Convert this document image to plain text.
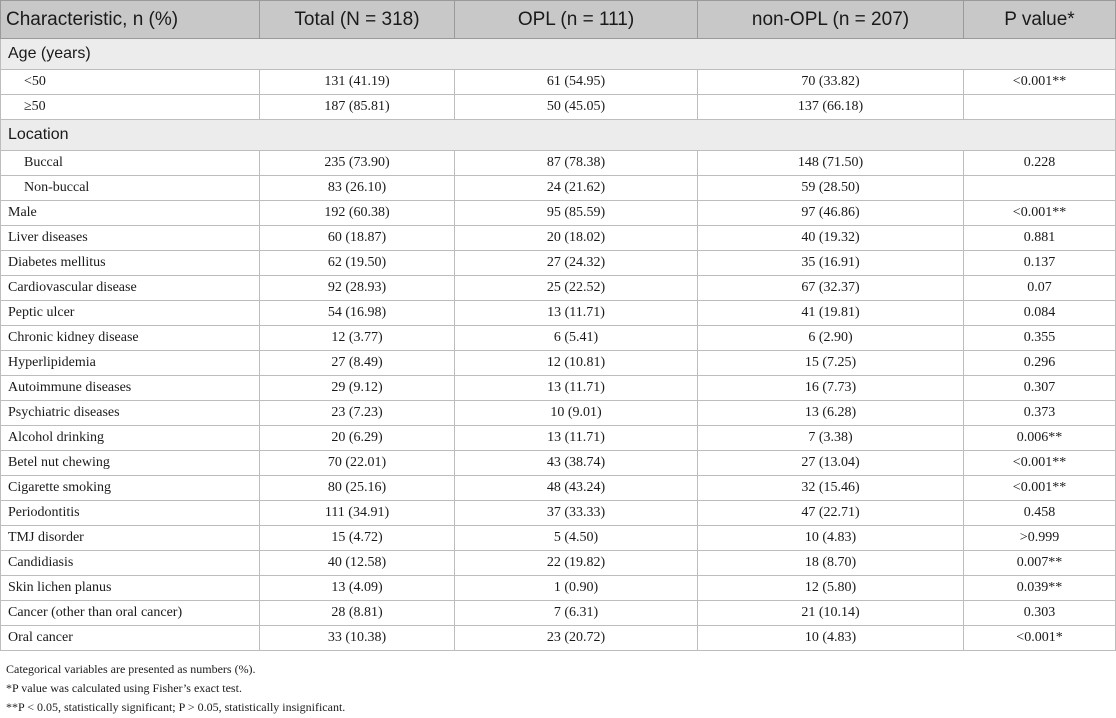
Characteristic, n (%)	Total (N = 318)	OPL (n = 111)	non-OPL (n = 207)	P value*
Age (years)				
<50	131 (41.19)	61 (54.95)	70 (33.82)	<0.001**
≥50	187 (85.81)	50 (45.05)	137 (66.18)	
Location				
Buccal	235 (73.90)	87 (78.38)	148 (71.50)	0.228
Non-buccal	83 (26.10)	24 (21.62)	59 (28.50)	
Male	192 (60.38)	95 (85.59)	97 (46.86)	<0.001**
Liver diseases	60 (18.87)	20 (18.02)	40 (19.32)	0.881
Diabetes mellitus	62 (19.50)	27 (24.32)	35 (16.91)	0.137
Cardiovascular disease	92 (28.93)	25 (22.52)	67 (32.37)	0.07
Peptic ulcer	54 (16.98)	13 (11.71)	41 (19.81)	0.084
Chronic kidney disease	12 (3.77)	6 (5.41)	6 (2.90)	0.355
Hyperlipidemia	27 (8.49)	12 (10.81)	15 (7.25)	0.296
Autoimmune diseases	29 (9.12)	13 (11.71)	16 (7.73)	0.307
Psychiatric diseases	23 (7.23)	10 (9.01)	13 (6.28)	0.373
Alcohol drinking	20 (6.29)	13 (11.71)	7 (3.38)	0.006**
Betel nut chewing	70 (22.01)	43 (38.74)	27 (13.04)	<0.001**
Cigarette smoking	80 (25.16)	48 (43.24)	32 (15.46)	<0.001**
Periodontitis	111 (34.91)	37 (33.33)	47 (22.71)	0.458
TMJ disorder	15 (4.72)	5 (4.50)	10 (4.83)	>0.999
Candidiasis	40 (12.58)	22 (19.82)	18 (8.70)	0.007**
Skin lichen planus	13 (4.09)	1 (0.90)	12 (5.80)	0.039**
Cancer (other than oral cancer)	28 (8.81)	7 (6.31)	21 (10.14)	0.303
Oral cancer	33 (10.38)	23 (20.72)	10 (4.83)	<0.001*
Categorical variables are presented as numbers (%).
*P value was calculated using Fisher’s exact test.
**P < 0.05, statistically significant; P > 0.05, statistically insignificant.
